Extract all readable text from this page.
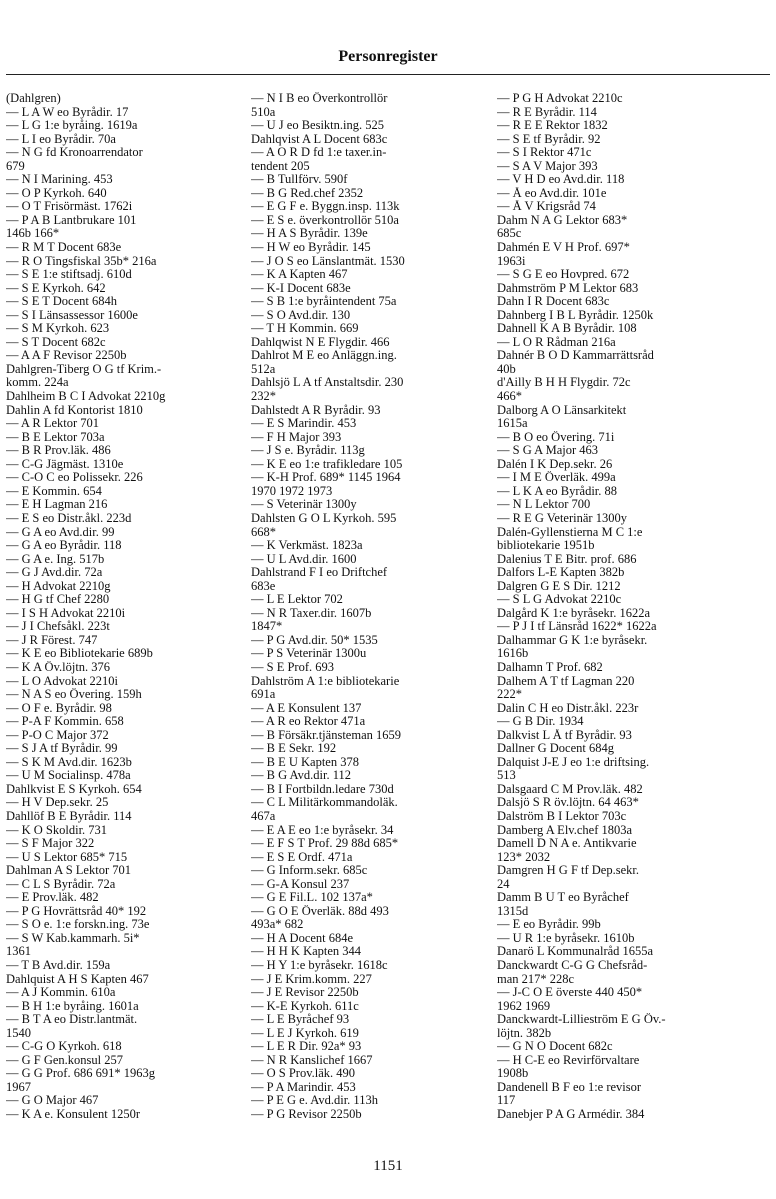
Personregister
(Dahlgren)
— L A W eo Byrådir. 17
— L G 1:e byråing. 1619a
— L I eo Byrådir. 70a
— N G fd Kronoarrendator
679
— N I Marining. 453
— O P Kyrkoh. 640
— O T Frisörmäst. 1762i
— P A B Lantbrukare 101
146b 166*
— R M T Docent 683e
— R O Tingsfiskal 35b* 216a
— S E 1:e stiftsadj. 610d
— S E Kyrkoh. 642
— S E T Docent 684h
— S I Länsassessor 1600e
— S M Kyrkoh. 623
— S T Docent 682c
— A A F Revisor 2250b
Dahlgren-Tiberg O G tf Krim.-
komm. 224a
Dahlheim B C I Advokat 2210g
Dahlin A fd Kontorist 1810
— A R Lektor 701
— B E Lektor 703a
— B R Prov.läk. 486
— C-G Jägmäst. 1310e
— C-O C eo Polissekr. 226
— E Kommin. 654
— E H Lagman 216
— E S eo Distr.åkl. 223d
— G A eo Avd.dir. 99
— G A eo Byrådir. 118
— G A e. Ing. 517b
— G J Avd.dir. 72a
— H Advokat 2210g
— H G tf Chef 2280
— I S H Advokat 2210i
— J I Chefsåkl. 223t
— J R Förest. 747
— K E eo Bibliotekarie 689b
— K A Öv.löjtn. 376
— L O Advokat 2210i
— N A S eo Övering. 159h
— O F e. Byrådir. 98
— P-A F Kommin. 658
— P-O C Major 372
— S J A tf Byrådir. 99
— S K M Avd.dir. 1623b
— U M Socialinsp. 478a
Dahlkvist E S Kyrkoh. 654
— H V Dep.sekr. 25
Dahllöf B E Byrådir. 114
— K O Skoldir. 731
— S F Major 322
— U S Lektor 685* 715
Dahlman A S Lektor 701
— C L S Byrådir. 72a
— E Prov.läk. 482
— P G Hovrättsråd 40* 192
— S O e. 1:e forskn.ing. 73e
— S W Kab.kammarh. 5i*
1361
— T B Avd.dir. 159a
Dahlquist A H S Kapten 467
— A J Kommin. 610a
— B H 1:e byråing. 1601a
— B T A eo Distr.lantmät.
1540
— C-G O Kyrkoh. 618
— G F Gen.konsul 257
— G G Prof. 686 691* 1963g
1967
— G O Major 467
— K A e. Konsulent 1250r
— N I B eo Överkontrollör
510a
— U J eo Besiktn.ing. 525
Dahlqvist A L Docent 683c
— A O R D fd 1:e taxer.in-
tendent 205
— B Tullförv. 590f
— B G Red.chef 2352
— E G F e. Byggn.insp. 113k
— E S e. överkontrollör 510a
— H A S Byrådir. 139e
— H W eo Byrådir. 145
— J O S eo Länslantmät. 1530
— K A Kapten 467
— K-I Docent 683e
— S B 1:e byråintendent 75a
— S O Avd.dir. 130
— T H Kommin. 669
Dahlqwist N E Flygdir. 466
Dahlrot M E eo Anläggn.ing.
512a
Dahlsjö L A tf Anstaltsdir. 230
232*
Dahlstedt A R Byrådir. 93
— E S Marindir. 453
— F H Major 393
— J S e. Byrådir. 113g
— K E eo 1:e trafikledare 105
— K-H Prof. 689* 1145 1964
1970 1972 1973
— S Veterinär 1300y
Dahlsten G O L Kyrkoh. 595
668*
— K Verkmäst. 1823a
— U L Avd.dir. 1600
Dahlstrand F I eo Driftchef
683e
— L E Lektor 702
— N R Taxer.dir. 1607b
1847*
— P G Avd.dir. 50* 1535
— P S Veterinär 1300u
— S E Prof. 693
Dahlström A 1:e bibliotekarie
691a
— A E Konsulent 137
— A R eo Rektor 471a
— B Försäkr.tjänsteman 1659
— B E Sekr. 192
— B E U Kapten 378
— B G Avd.dir. 112
— B I Fortbildn.ledare 730d
— C L Militärkommandoläk.
467a
— E A E eo 1:e byråsekr. 34
— E F S T Prof. 29 88d 685*
— E S E Ordf. 471a
— G Inform.sekr. 685c
— G-A Konsul 237
— G E Fil.L. 102 137a*
— G O E Överläk. 88d 493
493a* 682
— H A Docent 684e
— H H K Kapten 344
— H Y 1:e byråsekr. 1618c
— J E Krim.komm. 227
— J E Revisor 2250b
— K-E Kyrkoh. 611c
— L E Byråchef 93
— L E J Kyrkoh. 619
— L E R Dir. 92a* 93
— N R Kanslichef 1667
— O S Prov.läk. 490
— P A Marindir. 453
— P E G e. Avd.dir. 113h
— P G Revisor 2250b
— P G H Advokat 2210c
— R E Byrådir. 114
— R E E Rektor 1832
— S E tf Byrådir. 92
— S I Rektor 471c
— S A V Major 393
— V H D eo Avd.dir. 118
— Å eo Avd.dir. 101e
— Å V Krigsråd 74
Dahm N A G Lektor 683*
685c
Dahmén E V H Prof. 697*
1963i
— S G E eo Hovpred. 672
Dahmström P M Lektor 683
Dahn I R Docent 683c
Dahnberg I B L Byrådir. 1250k
Dahnell K A B Byrådir. 108
— L O R Rådman 216a
Dahnér B O D Kammarrättsråd
40b
d'Ailly B H H Flygdir. 72c
466*
Dalborg A O Länsarkitekt
1615a
— B O eo Övering. 71i
— S G A Major 463
Dalén I K Dep.sekr. 26
— I M E Överläk. 499a
— L K A eo Byrådir. 88
— N L Lektor 700
— R E G Veterinär 1300y
Dalén-Gyllenstierna M C 1:e
bibliotekarie 1951b
Dalenius T E Bitr. prof. 686
Dalfors L-E Kapten 382b
Dalgren G E S Dir. 1212
— S L G Advokat 2210c
Dalgård K 1:e byråsekr. 1622a
— P J I tf Länsråd 1622* 1622a
Dalhammar G K 1:e byråsekr.
1616b
Dalhamn T Prof. 682
Dalhem A T tf Lagman 220
222*
Dalin C H eo Distr.åkl. 223r
— G B Dir. 1934
Dalkvist L Å tf Byrådir. 93
Dallner G Docent 684g
Dalquist J-E J eo 1:e driftsing.
513
Dalsgaard C M Prov.läk. 482
Dalsjö S R öv.löjtn. 64 463*
Dalström B I Lektor 703c
Damberg A Elv.chef 1803a
Damell D N A e. Antikvarie
123* 2032
Damgren H G F tf Dep.sekr.
24
Damm B U T eo Byråchef
1315d
— E eo Byrådir. 99b
— U R 1:e byråsekr. 1610b
Danarö L Kommunalråd 1655a
Danckwardt C-G G Chefsråd-
man 217* 228c
— J-C O E överste 440 450*
1962 1969
Danckwardt-Lillieström E G Öv.-
löjtn. 382b
— G N O Docent 682c
— H C-E eo Revirförvaltare
1908b
Dandenell B F eo 1:e revisor
117
Danebjer P A G Armédir. 384
1151
